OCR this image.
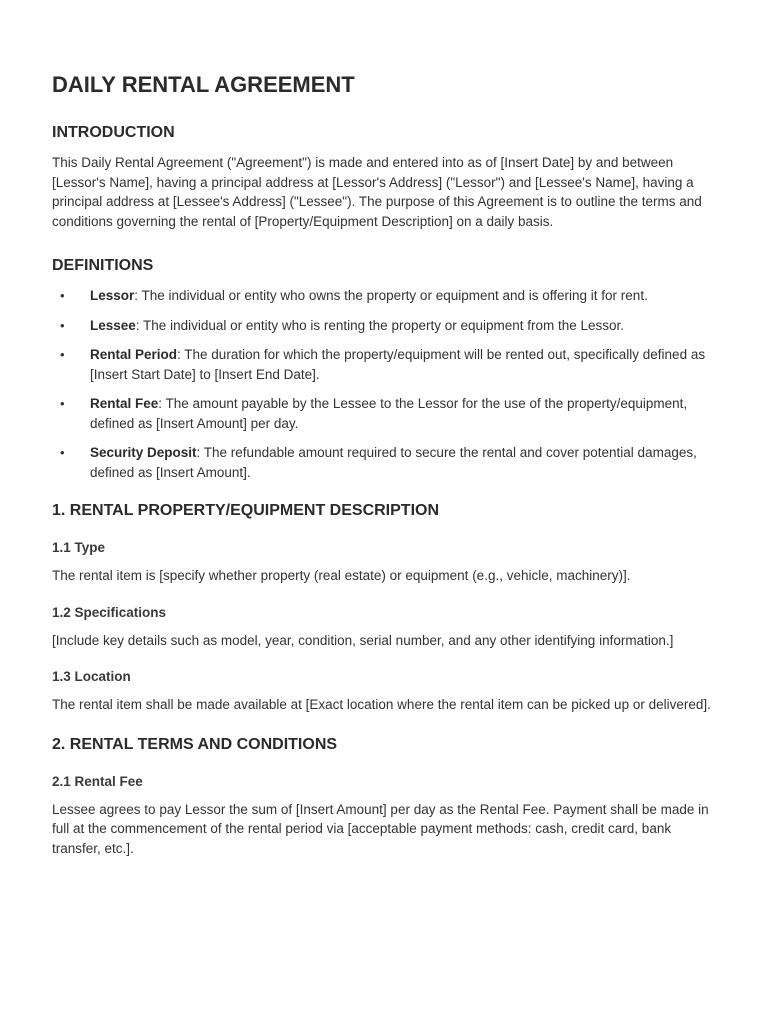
DAILY RENTAL AGREEMENT
INTRODUCTION

This Daily Rental Agreement ("Agreement") is made and entered into as of [Insert Date] by and between [Lessor's Name], having a principal address at [Lessor's Address] ("Lessor") and [Lessee's Name], having a principal address at [Lessee's Address] ("Lessee"). The purpose of this Agreement is to outline the terms and conditions governing the rental of [Property/Equipment Description] on a daily basis.

DEFINITIONS
• Lessor: The individual or entity who owns the property or equipment and is offering it for rent.
• Lessee: The individual or entity who is renting the property or equipment from the Lessor.
• Rental Period: The duration for which the property/equipment will be rented out, specifically defined as [Insert Start Date] to [Insert End Date].
• Rental Fee: The amount payable by the Lessee to the Lessor for the use of the property/equipment, defined as [Insert Amount] per day.
• Security Deposit: The refundable amount required to secure the rental and cover potential damages, defined as [Insert Amount].
1. RENTAL PROPERTY/EQUIPMENT DESCRIPTION
1.1 Type

The rental item is [specify whether property (real estate) or equipment (e.g., vehicle, machinery)].

1.2 Specifications

[Include key details such as model, year, condition, serial number, and any other identifying information.]

1.3 Location

The rental item shall be made available at [Exact location where the rental item can be picked up or delivered].

2. RENTAL TERMS AND CONDITIONS
2.1 Rental Fee

Lessee agrees to pay Lessor the sum of [Insert Amount] per day as the Rental Fee. Payment shall be made in full at the commencement of the rental period via [acceptable payment methods: cash, credit card, bank transfer, etc.].
